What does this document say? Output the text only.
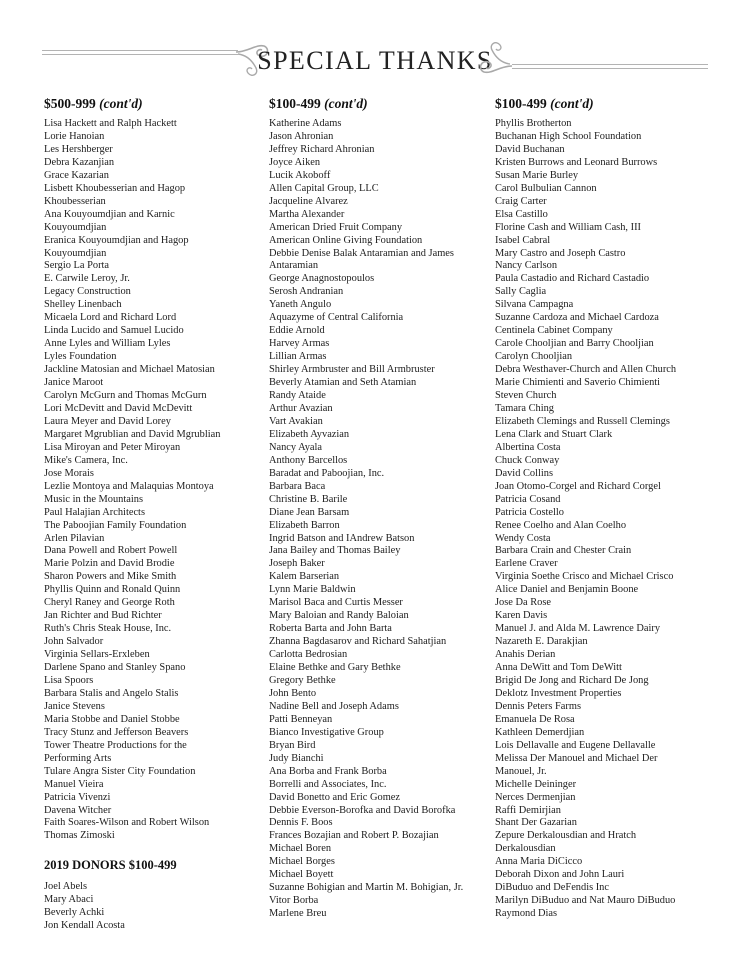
SPECIAL THANKS
$500-999 (cont'd)
Lisa Hackett and Ralph Hackett
Lorie Hanoian
Les Hershberger
Debra Kazanjian
Grace Kazarian
Lisbett Khoubesserian and Hagop
Khoubesserian
Ana Kouyoumdjian and Karnic
Kouyoumdjian
Eranica Kouyoumdjian and Hagop
Kouyoumdjian
Sergio La Porta
E. Carwile Leroy, Jr.
Legacy Construction
Shelley Linenbach
Micaela Lord and Richard Lord
Linda Lucido and Samuel Lucido
Anne Lyles and William Lyles
Lyles Foundation
Jackline Matosian and Michael Matosian
Janice Maroot
Carolyn McGurn and Thomas McGurn
Lori McDevitt and David McDevitt
Laura Meyer and David Lorey
Margaret Mgrublian and David Mgrublian
Lisa Miroyan and Peter Miroyan
Mike's Camera, Inc.
Jose Morais
Lezlie Montoya and Malaquias Montoya
Music in the Mountains
Paul Halajian Architects
The Paboojian Family Foundation
Arlen Pilavian
Dana Powell and Robert Powell
Marie Polzin and David Brodie
Sharon Powers and Mike Smith
Phyllis Quinn and Ronald Quinn
Cheryl Raney and George Roth
Jan Richter and Bud Richter
Ruth's Chris Steak House, Inc.
John Salvador
Virginia Sellars-Erxleben
Darlene Spano and Stanley Spano
Lisa Spoors
Barbara Stalis and Angelo Stalis
Janice Stevens
Maria Stobbe and Daniel Stobbe
Tracy Stunz and Jefferson Beavers
Tower Theatre Productions for the
Performing Arts
Tulare Angra Sister City Foundation
Manuel Vieira
Patricia Vivenzi
Davena Witcher
Faith Soares-Wilson and Robert Wilson
Thomas Zimoski
2019 DONORS $100-499
Joel Abels
Mary Abaci
Beverly Achki
Jon Kendall Acosta
$100-499 (cont'd)
Katherine Adams
Jason Ahronian
Jeffrey Richard Ahronian
Joyce Aiken
Lucik Akoboff
Allen Capital Group, LLC
Jacqueline Alvarez
Martha Alexander
American Dried Fruit Company
American Online Giving Foundation
Debbie Denise Balak Antaramian and James
Antaramian
George Anagnostopoulos
Serosh Andranian
Yaneth Angulo
Aquazyme of Central California
Eddie Arnold
Harvey Armas
Lillian Armas
Shirley Armbruster and Bill Armbruster
Beverly Atamian and Seth Atamian
Randy Ataide
Arthur Avazian
Vart Avakian
Elizabeth Ayvazian
Nancy Ayala
Anthony Barcellos
Baradat and Paboojian, Inc.
Barbara Baca
Christine B. Barile
Diane Jean Barsam
Elizabeth Barron
Ingrid Batson and IAndrew Batson
Jana Bailey and Thomas Bailey
Joseph Baker
Kalem Barserian
Lynn Marie Baldwin
Marisol Baca and Curtis Messer
Mary Baloian and Randy Baloian
Roberta Barta and John Barta
Zhanna Bagdasarov and Richard Sahatjian
Carlotta Bedrosian
Elaine Bethke and Gary Bethke
Gregory Bethke
John Bento
Nadine Bell and Joseph Adams
Patti Benneyan
Bianco Investigative Group
Bryan Bird
Judy Bianchi
Ana Borba and Frank Borba
Borrelli and Associates, Inc.
David Bonetto and Eric Gomez
Debbie Everson-Borofka and David Borofka
Dennis F. Boos
Frances Bozajian and Robert P. Bozajian
Michael Boren
Michael Borges
Michael Boyett
Suzanne Bohigian and Martin M. Bohigian, Jr.
Vitor Borba
Marlene Breu
$100-499 (cont'd)
Phyllis Brotherton
Buchanan High School Foundation
David Buchanan
Kristen Burrows and Leonard Burrows
Susan Marie Burley
Carol Bulbulian Cannon
Craig Carter
Elsa Castillo
Florine Cash and William Cash, III
Isabel Cabral
Mary Castro and Joseph Castro
Nancy Carlson
Paula Castadio and Richard Castadio
Sally Caglia
Silvana Campagna
Suzanne Cardoza and Michael Cardoza
Centinela Cabinet Company
Carole Chooljian and Barry Chooljian
Carolyn Chooljian
Debra Westhaver-Church and Allen Church
Marie Chimienti and Saverio Chimienti
Steven Church
Tamara Ching
Elizabeth Clemings and Russell Clemings
Lena Clark and Stuart Clark
Albertina Costa
Chuck Conway
David Collins
Joan Otomo-Corgel and Richard Corgel
Patricia Cosand
Patricia Costello
Renee Coelho and Alan Coelho
Wendy Costa
Barbara Crain and Chester Crain
Earlene Craver
Virginia Soethe Crisco and Michael Crisco
Alice Daniel and Benjamin Boone
Jose Da Rose
Karen Davis
Manuel J. and Alda M. Lawrence Dairy
Nazareth E. Darakjian
Anahis Derian
Anna DeWitt and Tom DeWitt
Brigid De Jong and Richard De Jong
Deklotz Investment Properties
Dennis Peters Farms
Emanuela De Rosa
Kathleen Demerdjian
Lois Dellavalle and Eugene Dellavalle
Melissa Der Manouel and Michael Der
Manouel, Jr.
Michelle Deininger
Nerces Dermenjian
Raffi Demirjian
Shant Der Gazarian
Zepure Derkalousdian and Hratch
Derkalousdian
Anna Maria DiCicco
Deborah Dixon and John Lauri
DiBuduo and DeFendis Inc
Marilyn DiBuduo and Nat Mauro DiBuduo
Raymond Dias
